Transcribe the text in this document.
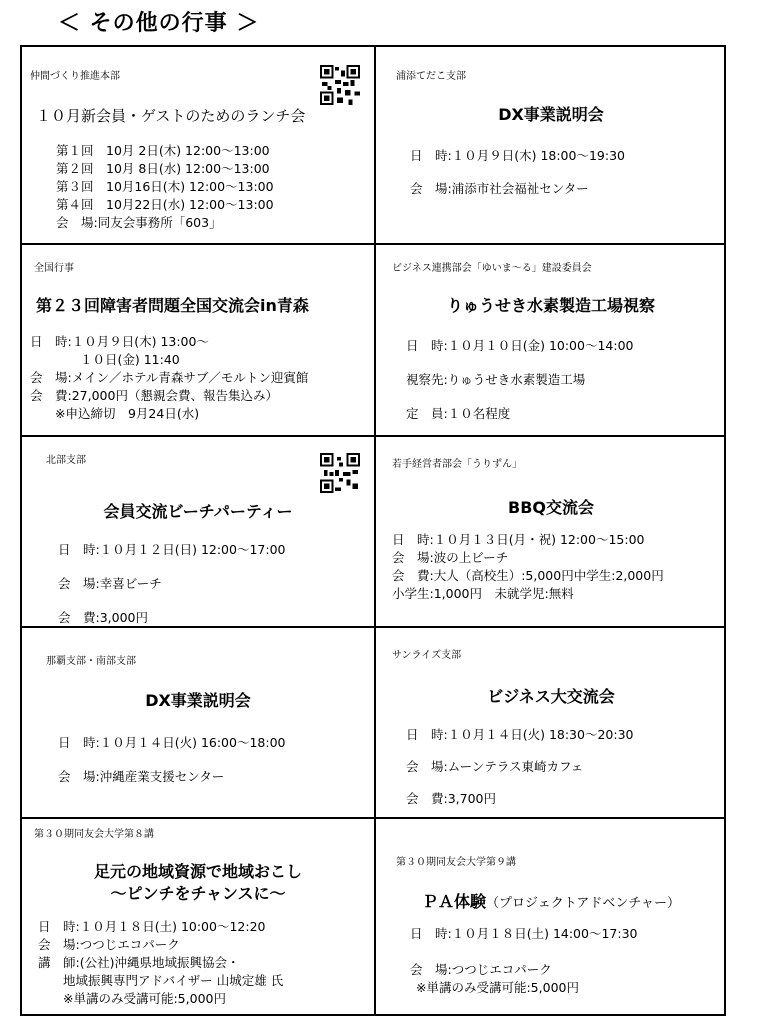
＜ その他の行事 ＞
仲間づくり推進本部
１０月新会員・ゲストのためのランチ会
第１回　10月 2日(木) 12:00～13:00
第２回　10月 8日(水) 12:00～13:00
第３回　10月16日(木) 12:00～13:00
第４回　10月22日(水) 12:00～13:00
会　場:同友会事務所「603」
浦添てだこ支部
DX事業説明会
日　時:１０月９日(木) 18:00～19:30
会　場:浦添市社会福祉センター
全国行事
第２３回障害者問題全国交流会in青森
日　時:１０月９日(木) 13:00～
　　　　１０日(金) 11:40
会　場:メイン／ホテル青森サブ／モルトン迎賓館
会　費:27,000円（懇親会費、報告集込み）
　　※申込締切　9月24日(水)
ビジネス連携部会「ゆいま～る」建設委員会
りゅうせき水素製造工場視察
日　時:１０月１０日(金) 10:00～14:00
視察先:りゅうせき水素製造工場
定　員:１０名程度
北部支部
会員交流ビーチパーティー
日　時:１０月１２日(日) 12:00～17:00
会　場:幸喜ビーチ
会　費:3,000円
若手経営者部会「うりずん」
BBQ交流会
日　時:１０月１３日(月・祝) 12:00～15:00
会　場:波の上ビーチ
会　費:大人（高校生）:5,000円中学生:2,000円
小学生:1,000円　未就学児:無料
那覇支部・南部支部
DX事業説明会
日　時:１０月１４日(火) 16:00～18:00
会　場:沖縄産業支援センター
サンライズ支部
ビジネス大交流会
日　時:１０月１４日(火) 18:30～20:30
会　場:ムーンテラス東崎カフェ
会　費:3,700円
第３０期同友会大学第８講
足元の地域資源で地域おこし
～ピンチをチャンスに～
日　時:１０月１８日(土) 10:00～12:20
会　場:つつじエコパーク
講　師:(公社)沖縄県地域振興協会・
　　地域振興専門アドバイザー 山城定雄 氏
　　※単講のみ受講可能:5,000円
第３０期同友会大学第９講
ＰＡ体験（プロジェクトアドベンチャー）
日　時:１０月１８日(土) 14:00～17:30
会　場:つつじエコパーク
※単講のみ受講可能:5,000円
